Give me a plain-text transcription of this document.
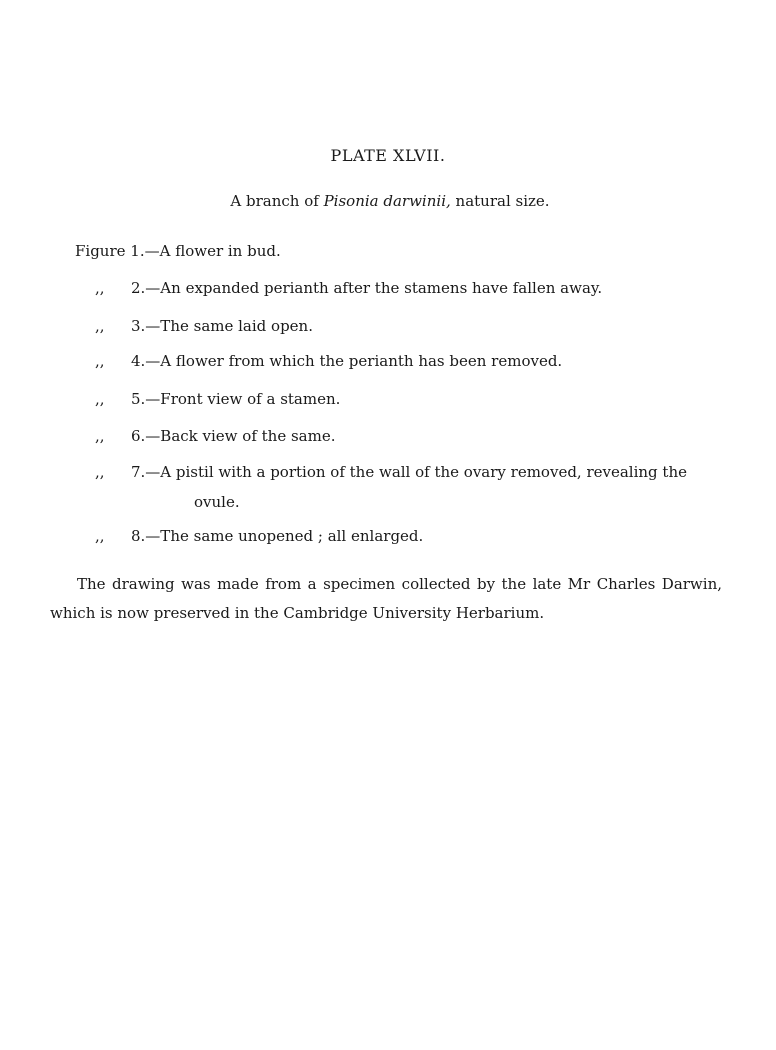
PLATE XLVII.
A branch of Pisonia darwinii, natural size.
Figure 1.—A flower in bud.
,, 2.—An expanded perianth after the stamens have fallen away.
,, 3.—The same laid open.
,, 4.—A flower from which the perianth has been removed.
,, 5.—Front view of a stamen.
,, 6.—Back view of the same.
,, 7.—A pistil with a portion of the wall of the ovary removed, revealing the
ovule.
,, 8.—The same unopened ; all enlarged.
The drawing was made from a specimen collected by the late Mr Charles Darwin,
which is now preserved in the Cambridge University Herbarium.
